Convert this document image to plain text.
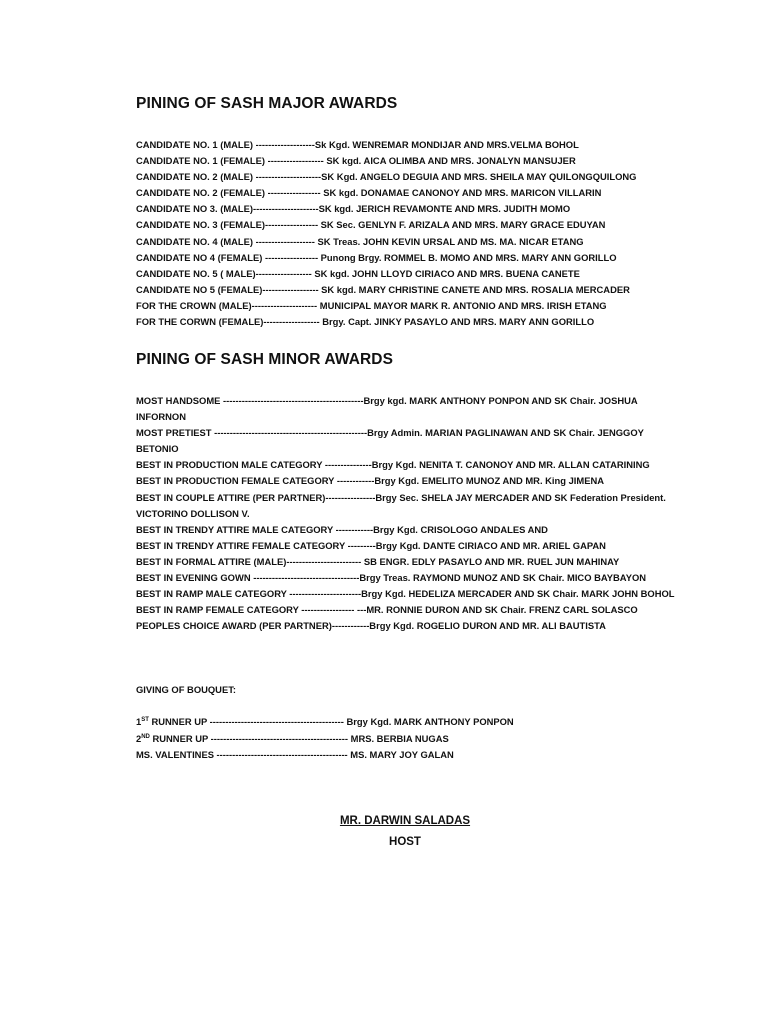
PINING OF SASH MAJOR AWARDS
CANDIDATE NO. 1 (MALE) -------------------Sk Kgd. WENREMAR MONDIJAR AND MRS.VELMA BOHOL
CANDIDATE NO. 1 (FEMALE) ------------------ SK kgd. AICA OLIMBA AND MRS. JONALYN MANSUJER
CANDIDATE NO. 2 (MALE) ---------------------SK Kgd. ANGELO DEGUIA AND MRS. SHEILA MAY QUILONGQUILONG
CANDIDATE NO. 2 (FEMALE) ----------------- SK kgd. DONAMAE CANONOY AND MRS. MARICON VILLARIN
CANDIDATE NO 3. (MALE)---------------------SK kgd. JERICH REVAMONTE AND MRS. JUDITH MOMO
CANDIDATE NO. 3 (FEMALE)----------------- SK Sec. GENLYN F. ARIZALA AND MRS. MARY GRACE EDUYAN
CANDIDATE NO. 4 (MALE) ------------------- SK Treas. JOHN KEVIN URSAL AND MS. MA. NICAR ETANG
CANDIDATE NO 4 (FEMALE) ----------------- Punong Brgy. ROMMEL B. MOMO AND MRS. MARY ANN GORILLO
CANDIDATE NO. 5 ( MALE)------------------ SK kgd. JOHN LLOYD CIRIACO AND MRS. BUENA CANETE
CANDIDATE NO 5 (FEMALE)------------------ SK kgd. MARY CHRISTINE CANETE AND MRS. ROSALIA MERCADER
FOR THE CROWN (MALE)--------------------- MUNICIPAL MAYOR MARK R. ANTONIO AND MRS. IRISH ETANG
FOR THE CORWN (FEMALE)------------------ Brgy. Capt. JINKY PASAYLO AND MRS. MARY ANN GORILLO
PINING OF SASH MINOR AWARDS
MOST HANDSOME ---------------------------------------------Brgy kgd. MARK ANTHONY PONPON AND SK Chair. JOSHUA INFORNON
MOST PRETIEST -------------------------------------------------Brgy Admin. MARIAN PAGLINAWAN AND SK Chair. JENGGOY BETONIO
BEST IN PRODUCTION MALE CATEGORY ---------------Brgy Kgd. NENITA T. CANONOY AND MR. ALLAN CATARINING
BEST IN PRODUCTION FEMALE CATEGORY ------------Brgy Kgd. EMELITO MUNOZ AND MR. King JIMENA
BEST IN COUPLE ATTIRE (PER PARTNER)----------------Brgy Sec. SHELA JAY MERCADER AND SK Federation President. VICTORINO DOLLISON V.
BEST IN TRENDY ATTIRE MALE CATEGORY ------------Brgy Kgd. CRISOLOGO ANDALES AND
BEST IN TRENDY ATTIRE FEMALE CATEGORY ---------Brgy Kgd. DANTE CIRIACO AND MR. ARIEL GAPAN
BEST IN FORMAL ATTIRE (MALE)------------------------ SB ENGR. EDLY PASAYLO AND MR. RUEL JUN MAHINAY
BEST IN EVENING GOWN ----------------------------------Brgy Treas. RAYMOND MUNOZ AND SK Chair. MICO BAYBAYON
BEST IN RAMP MALE CATEGORY -----------------------Brgy Kgd. HEDELIZA MERCADER AND SK Chair. MARK JOHN BOHOL
BEST IN RAMP FEMALE CATEGORY ----------------- ---MR. RONNIE DURON AND SK Chair. FRENZ CARL SOLASCO
PEOPLES CHOICE AWARD (PER PARTNER)------------Brgy Kgd. ROGELIO DURON AND MR. ALI BAUTISTA

GIVING OF BOUQUET:

1ST RUNNER UP ------------------------------------------- Brgy Kgd. MARK ANTHONY PONPON
2ND RUNNER UP -------------------------------------------- MRS. BERBIA NUGAS
MS. VALENTINES ------------------------------------------ MS. MARY JOY GALAN

MR. DARWIN SALADAS

HOST
